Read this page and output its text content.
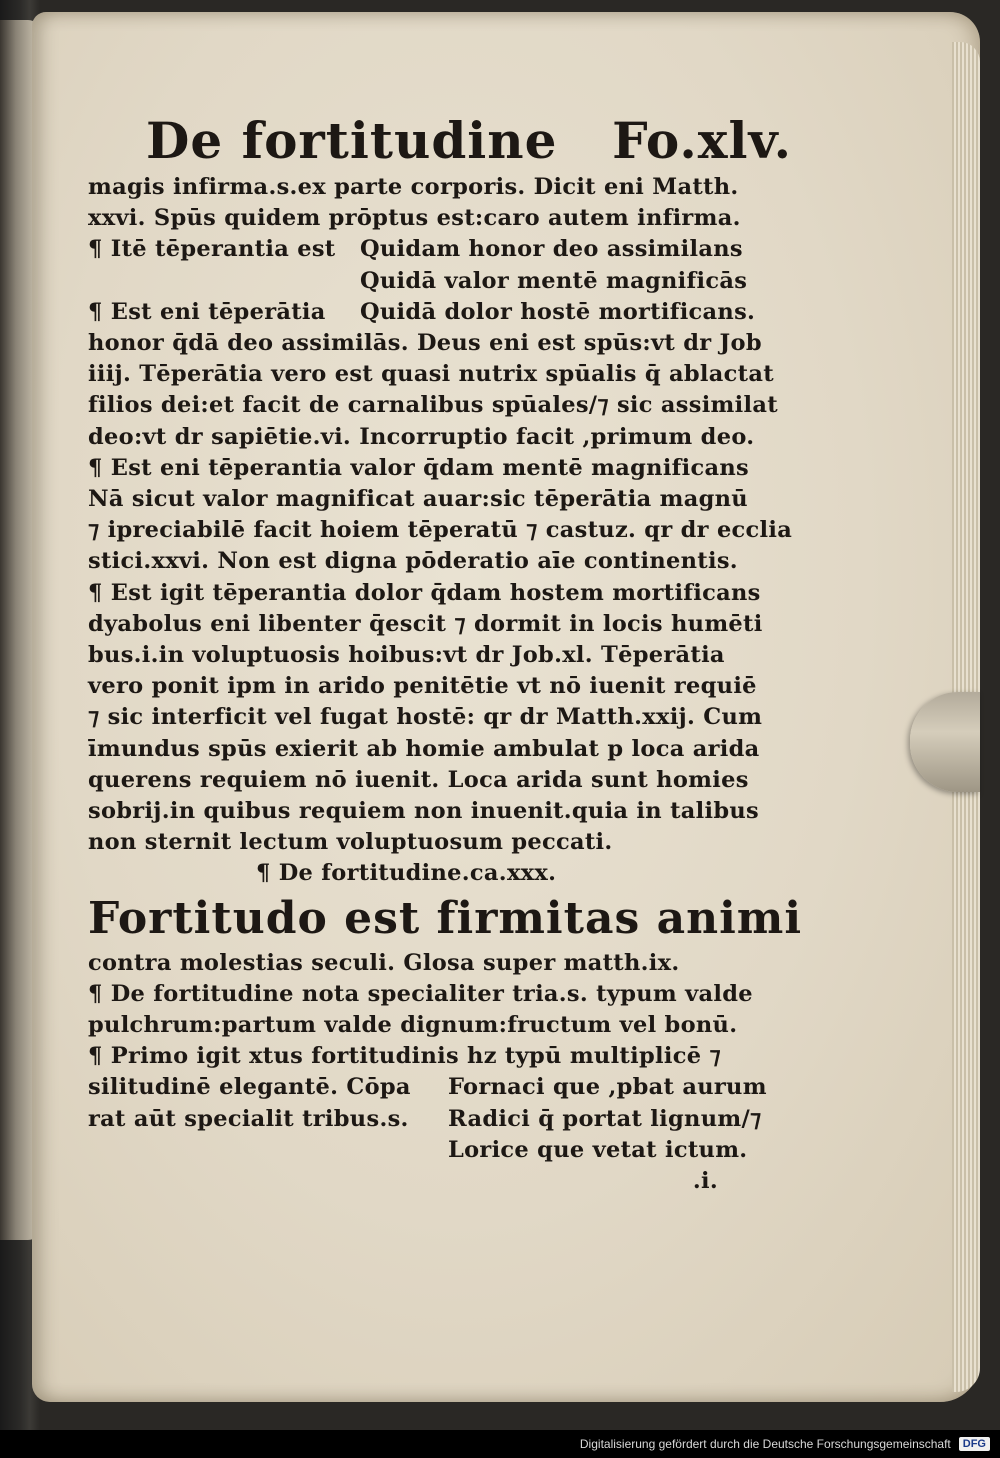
De fortitudine Fo.xlv.
magis infirma.s.ex parte corporis. Dicit eni Matth.
xxvi. Spūs quidem prōptus est:caro autem infirma.
¶ Itē tēperantia est	Quidam honor deo assimilans
Quidā valor mentē magnificās
¶ Est eni tēperātia	Quidā dolor hostē mortificans.
honor q̄dā deo assimilās. Deus eni est spūs:vt dr Job
iiij. Tēperātia vero est quasi nutrix spūalis q̄ ablactat
filios dei:et facit de carnalibus spūales/⁊ sic assimilat
deo:vt dr sapiētie.vi. Incorruptio facit ,primum deo.
¶ Est eni tēperantia valor q̄dam mentē magnificans
Nā sicut valor magnificat auar:sic tēperātia magnū
⁊ ipreciabilē facit hoiem tēperatū ⁊ castuz. qr dr ecclia
stici.xxvi. Non est digna pōderatio aīe continentis.
¶ Est igit tēperantia dolor q̄dam hostem mortificans
dyabolus eni libenter q̄escit ⁊ dormit in locis humēti
bus.i.in voluptuosis hoibus:vt dr Job.xl. Tēperātia
vero ponit ipm in arido penitētie vt nō iuenit requiē
⁊ sic interficit vel fugat hostē: qr dr Matth.xxij. Cum
īmundus spūs exierit ab homie ambulat p loca arida
querens requiem nō iuenit. Loca arida sunt homies
sobrij.in quibus requiem non inuenit.quia in talibus
non sternit lectum voluptuosum peccati.
¶ De fortitudine.ca.xxx.
Fortitudo est firmitas animi
contra molestias seculi. Glosa super matth.ix.
¶ De fortitudine nota specialiter tria.s. typum valde
pulchrum:partum valde dignum:fructum vel bonū.
¶ Primo igit xtus fortitudinis hz typū multiplicē ⁊
silitudinē elegantē. Cōpa	Fornaci que ,pbat aurum
rat aūt specialit tribus.s.	Radici q̄ portat lignum/⁊
Lorice que vetat ictum.
.i.
Digitalisierung gefördert durch die Deutsche Forschungsgemeinschaft	DFG
